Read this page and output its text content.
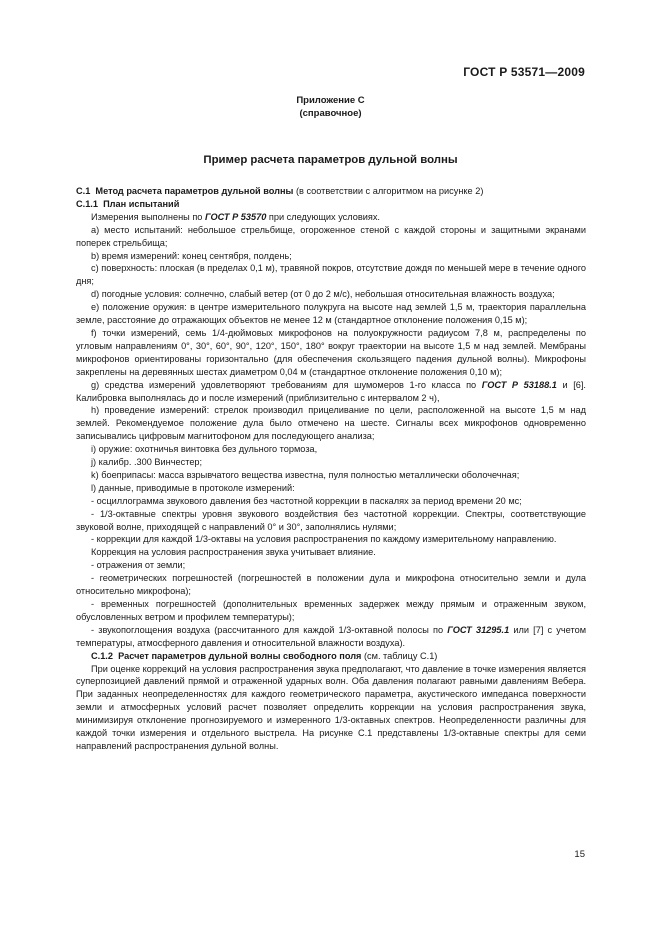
ГОСТ Р 53571—2009
Приложение С
(справочное)
Пример расчета параметров дульной волны

С.1 Метод расчета параметров дульной волны (в соответствии с алгоритмом на рисунке 2)

С.1.1 План испытаний

Измерения выполнены по ГОСТ Р 53570 при следующих условиях.

а) место испытаний: небольшое стрельбище, огороженное стеной с каждой стороны и защитными экранами поперек стрельбища;

b) время измерений: конец сентября, полдень;

с) поверхность: плоская (в пределах 0,1 м), травяной покров, отсутствие дождя по меньшей мере в течение одного дня;

d) погодные условия: солнечно, слабый ветер (от 0 до 2 м/с), небольшая относительная влажность воздуха;

е) положение оружия: в центре измерительного полукруга на высоте над землей 1,5 м, траектория параллельна земле, расстояние до отражающих объектов не менее 12 м (стандартное отклонение положения 0,15 м);

f) точки измерений, семь 1/4-дюймовых микрофонов на полуокружности радиусом 7,8 м, распределены по угловым направлениям 0°, 30°, 60°, 90°, 120°, 150°, 180° вокруг траектории на высоте 1,5 м над землей. Мембраны микрофонов ориентированы горизонтально (для обеспечения скользящего падения дульной волны). Микрофоны закреплены на деревянных шестах диаметром 0,04 м (стандартное отклонение положения 0,10 м);

g) средства измерений удовлетворяют требованиям для шумомеров 1-го класса по ГОСТ Р 53188.1 и [6]. Калибровка выполнялась до и после измерений (приблизительно с интервалом 2 ч),

h) проведение измерений: стрелок производил прицеливание по цели, расположенной на высоте 1,5 м над землей. Рекомендуемое положение дула было отмечено на шесте. Сигналы всех микрофонов одновременно записывались цифровым магнитофоном для последующего анализа;

i) оружие: охотничья винтовка без дульного тормоза,

j) калибр. .300 Винчестер;

k) боеприпасы: масса взрывчатого вещества известна, пуля полностью металлически оболочечная;

l) данные, приводимые в протоколе измерений:

- осциллограмма звукового давления без частотной коррекции в паскалях за период времени 20 мс;

- 1/3-октавные спектры уровня звукового воздействия без частотной коррекции. Спектры, соответствующие звуковой волне, приходящей с направлений 0° и 30°, заполнялись нулями;

- коррекции для каждой 1/3-октавы на условия распространения по каждому измерительному направлению.

Коррекция на условия распространения звука учитывает влияние.

- отражения от земли;

- геометрических погрешностей (погрешностей в положении дула и микрофона относительно земли и дула относительно микрофона);

- временных погрешностей (дополнительных временных задержек между прямым и отраженным звуком, обусловленных ветром и профилем температуры);

- звукопоглощения воздуха (рассчитанного для каждой 1/3-октавной полосы по ГОСТ 31295.1 или [7] с учетом температуры, атмосферного давления и относительной влажности воздуха).

С.1.2 Расчет параметров дульной волны свободного поля (см. таблицу С.1)

При оценке коррекций на условия распространения звука предполагают, что давление в точке измерения является суперпозицией давлений прямой и отраженной ударных волн. Оба давления полагают равными давлениям Вебера. При заданных неопределенностях для каждого геометрического параметра, акустического импеданса поверхности земли и атмосферных условий расчет позволяет определить коррекции на условия распространения звука, минимизируя отклонение прогнозируемого и измеренного 1/3-октавных спектров. Неопределенности различны для каждой точки измерения и отдельного выстрела. На рисунке С.1 представлены 1/3-октавные спектры для семи направлений распространения дульной волны.

15
